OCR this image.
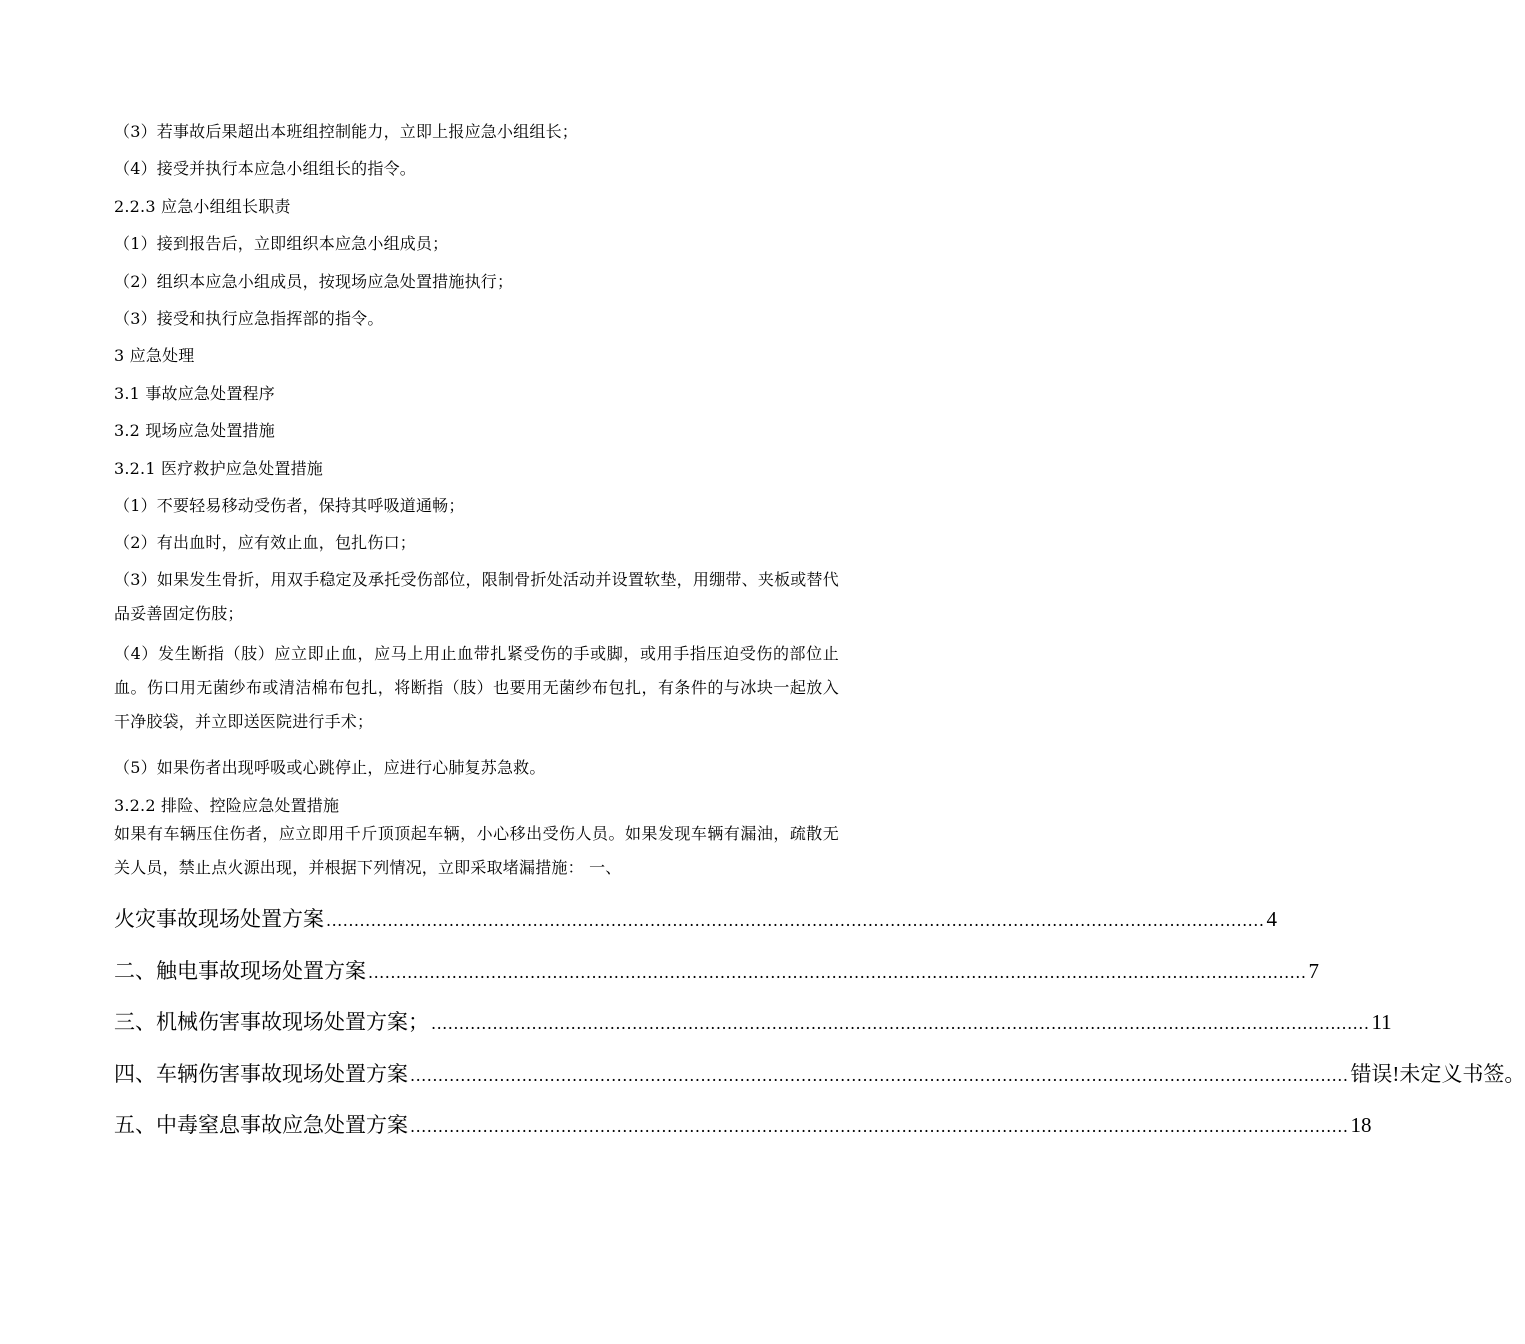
（3）若事故后果超出本班组控制能力，立即上报应急小组组长；
（4）接受并执行本应急小组组长的指令。
2.2.3 应急小组组长职责
（1）接到报告后，立即组织本应急小组成员；
（2）组织本应急小组成员，按现场应急处置措施执行；
（3）接受和执行应急指挥部的指令。
3 应急处理
3.1 事故应急处置程序
3.2 现场应急处置措施
3.2.1 医疗救护应急处置措施
（1）不要轻易移动受伤者，保持其呼吸道通畅；
（2）有出血时，应有效止血，包扎伤口；
（3）如果发生骨折，用双手稳定及承托受伤部位，限制骨折处活动并设置软垫，用绷带、夹板或替代品妥善固定伤肢；
（4）发生断指（肢）应立即止血，应马上用止血带扎紧受伤的手或脚，或用手指压迫受伤的部位止血。伤口用无菌纱布或清洁棉布包扎，将断指（肢）也要用无菌纱布包扎，有条件的与冰块一起放入干净胶袋，并立即送医院进行手术；
（5）如果伤者出现呼吸或心跳停止，应进行心肺复苏急救。
3.2.2 排险、控险应急处置措施
如果有车辆压住伤者，应立即用千斤顶顶起车辆，小心移出受伤人员。如果发现车辆有漏油，疏散无关人员，禁止点火源出现，并根据下列情况，立即采取堵漏措施： 一、
火灾事故现场处置方案 ........................................................................................................................................................................ 4
二、触电事故现场处置方案 ........................................................................................................................................................................ 7
三、机械伤害事故现场处置方案； ........................................................................................................................................................................ 11
四、车辆伤害事故现场处置方案 ........................................................................................................................................................................ 错误!未定义书签。
五、中毒窒息事故应急处置方案 ........................................................................................................................................................................ 18
